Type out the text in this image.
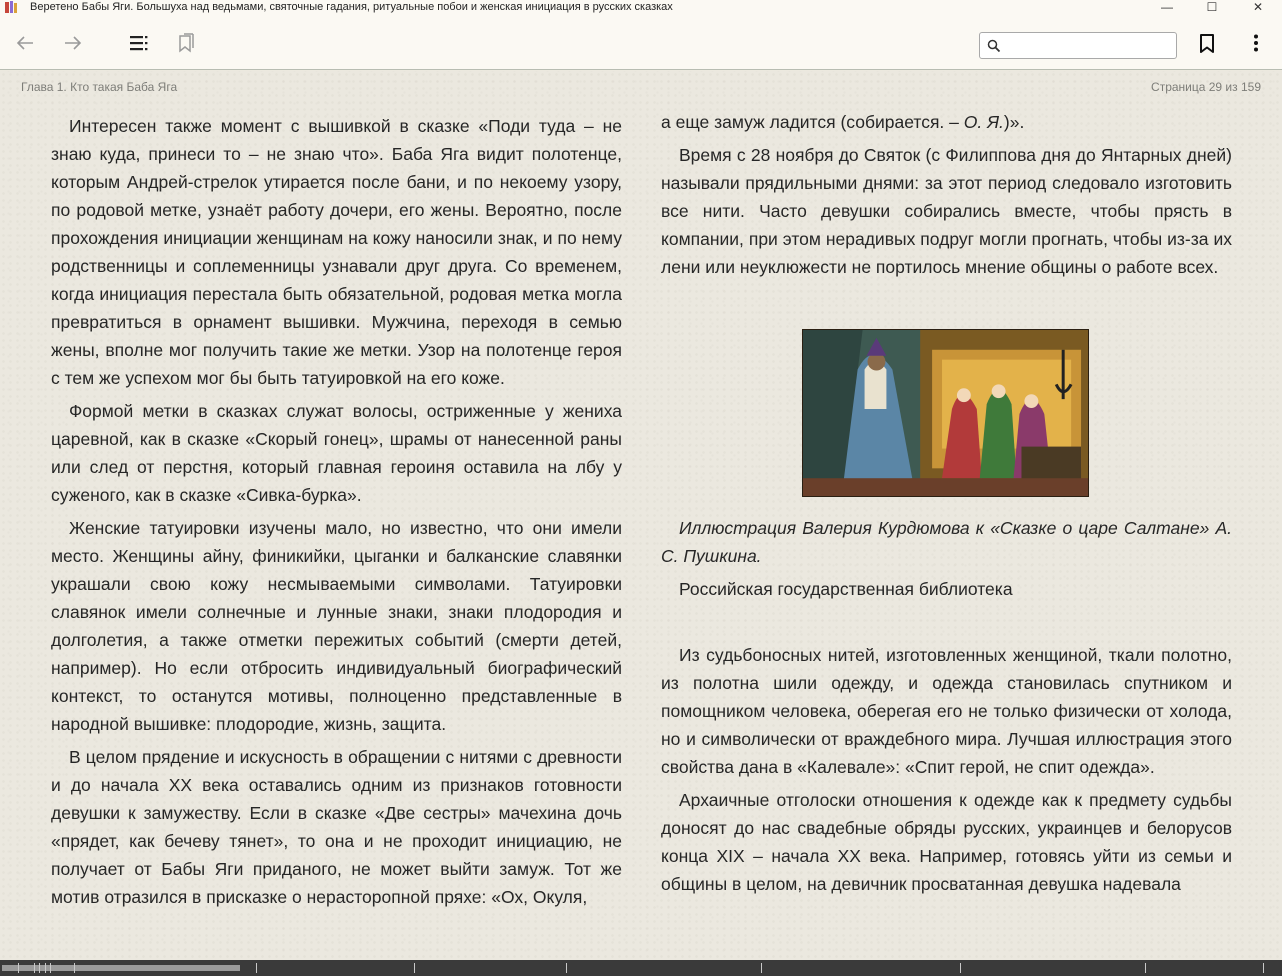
Веретено Бабы Яги. Большуха над ведьмами, святочные гадания, ритуальные побои и женская инициация в русских сказках	—	☐	✕
Глава 1. Кто такая Баба Яга	Страница 29 из 159

Интересен также момент с вышивкой в сказке «Поди туда – не знаю куда, принеси то – не знаю что». Баба Яга видит полотенце, которым Андрей-стрелок утирается после бани, и по некоему узору, по родовой метке, узнаёт работу дочери, его жены. Вероятно, после прохождения инициации женщинам на кожу наносили знак, и по нему родственницы и соплеменницы узнавали друг друга. Со временем, когда инициация перестала быть обязательной, родовая метка могла превратиться в орнамент вышивки. Мужчина, переходя в семью жены, вполне мог получить такие же метки. Узор на полотенце героя с тем же успехом мог бы быть татуировкой на его коже.

Формой метки в сказках служат волосы, остриженные у жениха царевной, как в сказке «Скорый гонец», шрамы от нанесенной раны или след от перстня, который главная героиня оставила на лбу у суженого, как в сказке «Сивка-бурка».

Женские татуировки изучены мало, но известно, что они имели место. Женщины айну, финикийки, цыганки и балканские славянки украшали свою кожу несмываемыми символами. Татуировки славянок имели солнечные и лунные знаки, знаки плодородия и долголетия, а также отметки пережитых событий (смерти детей, например). Но если отбросить индивидуальный биографический контекст, то останутся мотивы, полноценно представленные в народной вышивке: плодородие, жизнь, защита.

В целом прядение и искусность в обращении с нитями с древности и до начала XX века оставались одним из признаков готовности девушки к замужеству. Если в сказке «Две сестры» мачехина дочь «прядет, как бечеву тянет», то она и не проходит инициацию, не получает от Бабы Яги приданого, не может выйти замуж. Тот же мотив отразился в присказке о нерасторопной пряхе: «Ох, Окуля,

а еще замуж ладится (собирается. – О. Я.)».

Время с 28 ноября до Святок (с Филиппова дня до Янтарных дней) называли прядильными днями: за этот период следовало изготовить все нити. Часто девушки собирались вместе, чтобы прясть в компании, при этом нерадивых подруг могли прогнать, чтобы из-за их лени или неуклюжести не портилось мнение общины о работе всех.

Иллюстрация Валерия Курдюмова к «Сказке о царе Салтане» А. С. Пушкина.

Российская государственная библиотека

Из судьбоносных нитей, изготовленных женщиной, ткали полотно, из полотна шили одежду, и одежда становилась спутником и помощником человека, оберегая его не только физически от холода, но и символически от враждебного мира. Лучшая иллюстрация этого свойства дана в «Калевале»: «Спит герой, не спит одежда».

Архаичные отголоски отношения к одежде как к предмету судьбы доносят до нас свадебные обряды русских, украинцев и белорусов конца XIX – начала XX века. Например, готовясь уйти из семьи и общины в целом, на девичник просватанная девушка надевала
